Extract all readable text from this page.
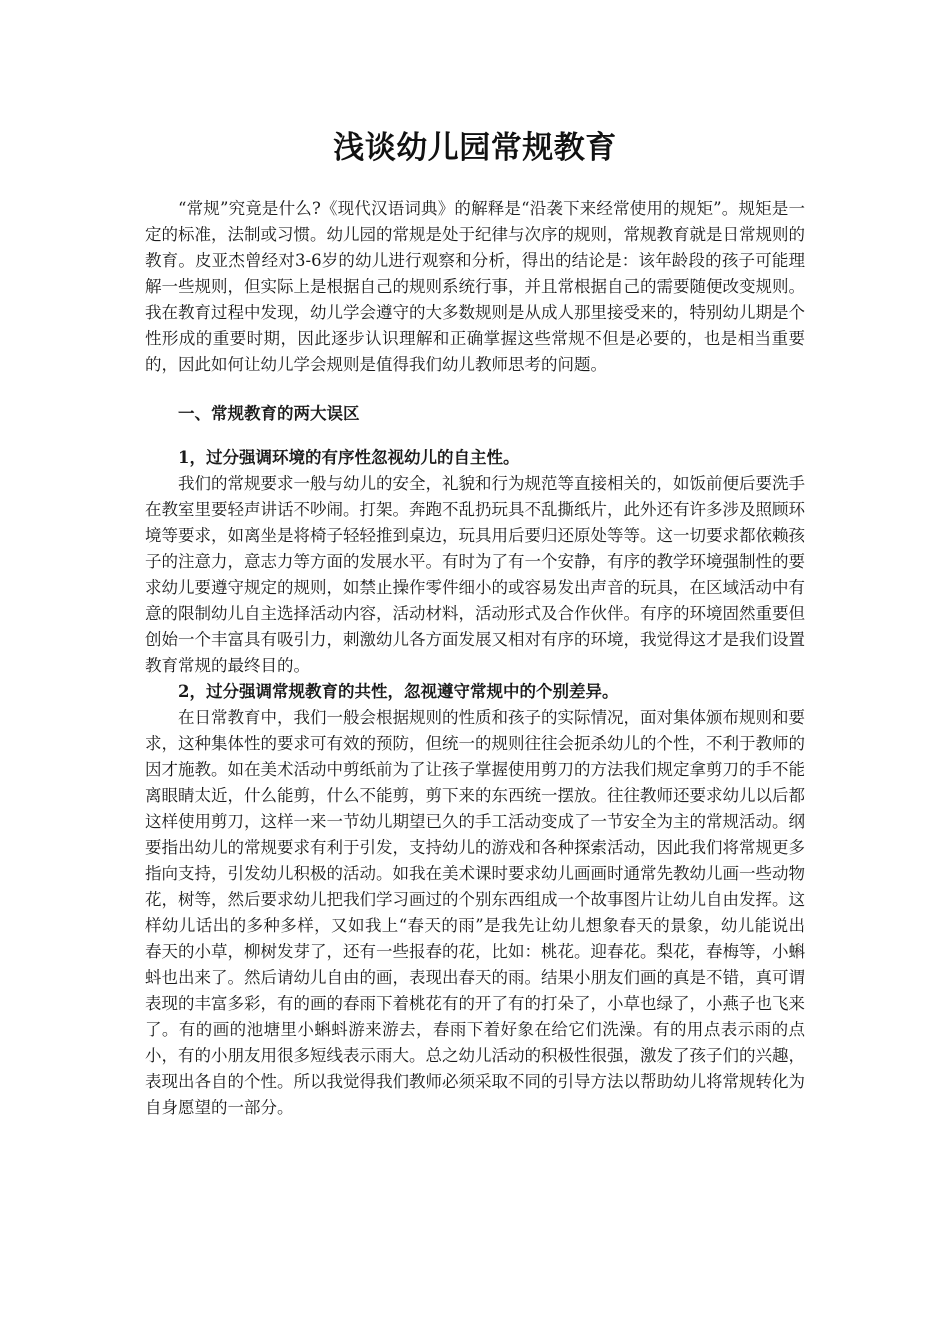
浅谈幼儿园常规教育

“常规”究竟是什么?《现代汉语词典》的解释是“沿袭下来经常使用的规矩”。规矩是一定的标准，法制或习惯。幼儿园的常规是处于纪律与次序的规则，常规教育就是日常规则的教育。皮亚杰曾经对3-6岁的幼儿进行观察和分析，得出的结论是：该年龄段的孩子可能理解一些规则，但实际上是根据自己的规则系统行事，并且常根据自己的需要随便改变规则。我在教育过程中发现，幼儿学会遵守的大多数规则是从成人那里接受来的，特别幼儿期是个性形成的重要时期，因此逐步认识理解和正确掌握这些常规不但是必要的，也是相当重要的，因此如何让幼儿学会规则是值得我们幼儿教师思考的问题。

一、常规教育的两大误区

1，过分强调环境的有序性忽视幼儿的自主性。

我们的常规要求一般与幼儿的安全，礼貌和行为规范等直接相关的，如饭前便后要洗手在教室里要轻声讲话不吵闹。打架。奔跑不乱扔玩具不乱撕纸片，此外还有许多涉及照顾环境等要求，如离坐是将椅子轻轻推到桌边，玩具用后要归还原处等等。这一切要求都依赖孩子的注意力，意志力等方面的发展水平。有时为了有一个安静，有序的教学环境强制性的要求幼儿要遵守规定的规则，如禁止操作零件细小的或容易发出声音的玩具，在区域活动中有意的限制幼儿自主选择活动内容，活动材料，活动形式及合作伙伴。有序的环境固然重要但创始一个丰富具有吸引力，刺激幼儿各方面发展又相对有序的环境，我觉得这才是我们设置教育常规的最终目的。

2，过分强调常规教育的共性，忽视遵守常规中的个别差异。

在日常教育中，我们一般会根据规则的性质和孩子的实际情况，面对集体颁布规则和要求，这种集体性的要求可有效的预防，但统一的规则往往会扼杀幼儿的个性，不利于教师的因才施教。如在美术活动中剪纸前为了让孩子掌握使用剪刀的方法我们规定拿剪刀的手不能离眼睛太近，什么能剪，什么不能剪，剪下来的东西统一摆放。往往教师还要求幼儿以后都这样使用剪刀，这样一来一节幼儿期望已久的手工活动变成了一节安全为主的常规活动。纲要指出幼儿的常规要求有利于引发，支持幼儿的游戏和各种探索活动，因此我们将常规更多指向支持，引发幼儿积极的活动。如我在美术课时要求幼儿画画时通常先教幼儿画一些动物花，树等，然后要求幼儿把我们学习画过的个别东西组成一个故事图片让幼儿自由发挥。这样幼儿话出的多种多样，又如我上“春天的雨”是我先让幼儿想象春天的景象，幼儿能说出春天的小草，柳树发芽了，还有一些报春的花，比如：桃花。迎春花。梨花，春梅等，小蝌蚪也出来了。然后请幼儿自由的画，表现出春天的雨。结果小朋友们画的真是不错，真可谓表现的丰富多彩，有的画的春雨下着桃花有的开了有的打朵了，小草也绿了，小燕子也飞来了。有的画的池塘里小蝌蚪游来游去，春雨下着好象在给它们洗澡。有的用点表示雨的点小，有的小朋友用很多短线表示雨大。总之幼儿活动的积极性很强，激发了孩子们的兴趣，表现出各自的个性。所以我觉得我们教师必须采取不同的引导方法以帮助幼儿将常规转化为自身愿望的一部分。
